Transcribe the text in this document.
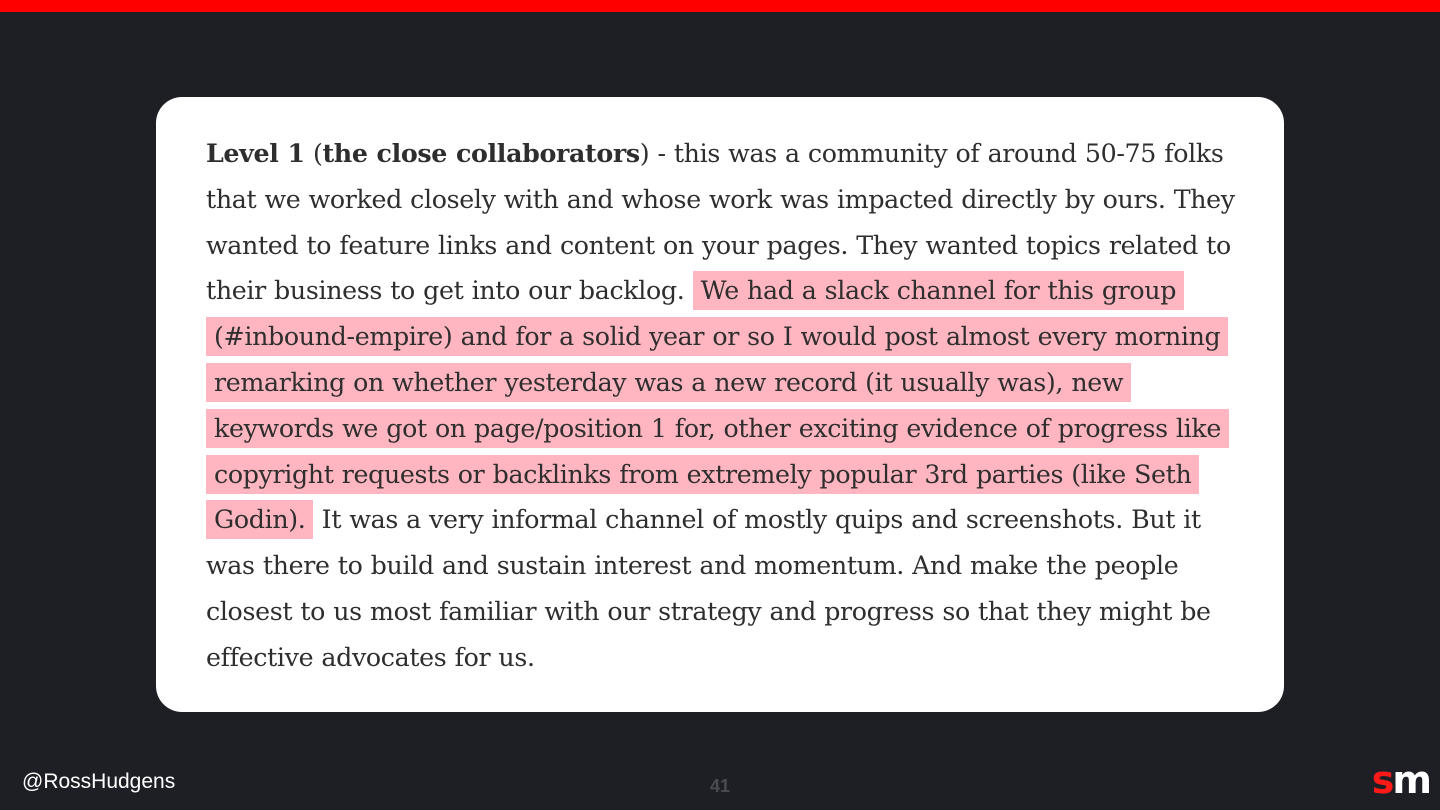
Level 1 (the close collaborators) - this was a community of around 50-75 folks that we worked closely with and whose work was impacted directly by ours. They wanted to feature links and content on your pages. They wanted topics related to their business to get into our backlog. We had a slack channel for this group (#inbound-empire) and for a solid year or so I would post almost every morning remarking on whether yesterday was a new record (it usually was), new keywords we got on page/position 1 for, other exciting evidence of progress like copyright requests or backlinks from extremely popular 3rd parties (like Seth Godin). It was a very informal channel of mostly quips and screenshots. But it was there to build and sustain interest and momentum. And make the people closest to us most familiar with our strategy and progress so that they might be effective advocates for us.

@RossHudgens	41	sm
